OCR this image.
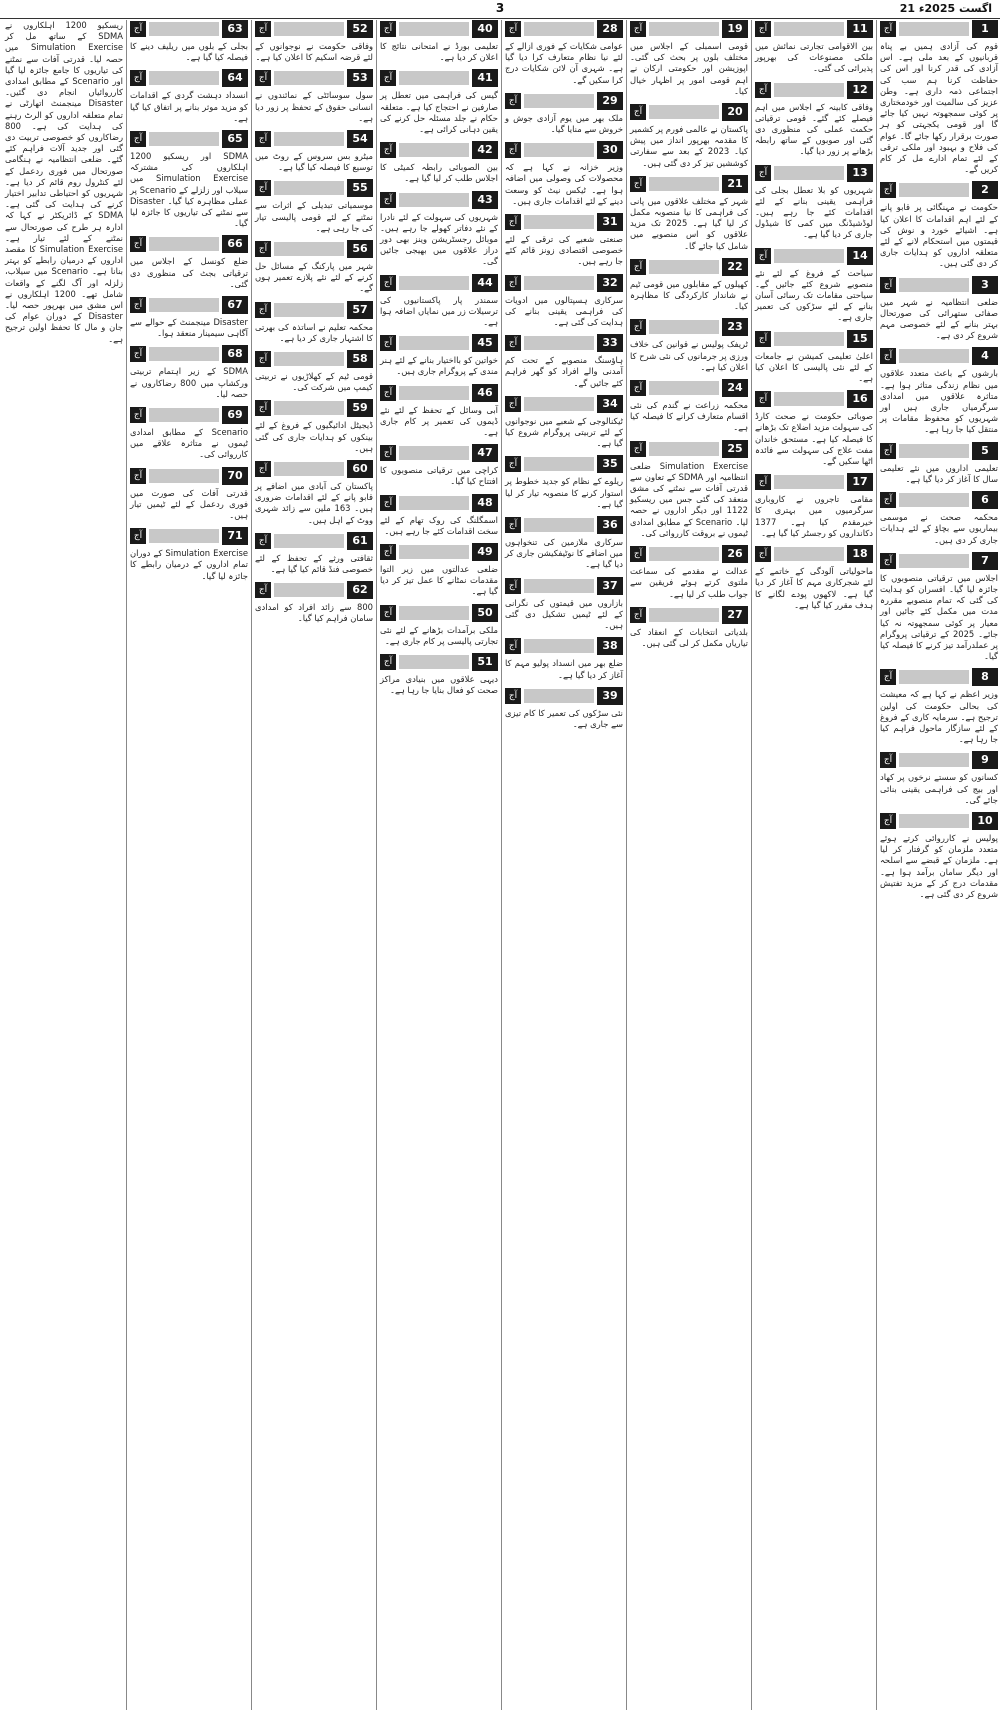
3	21 اگست 2025ء
1
آج

قوم کی آزادی ہمیں بے پناہ قربانیوں کے بعد ملی ہے۔ اس آزادی کی قدر کرنا اور اس کی حفاظت کرنا ہم سب کی اجتماعی ذمہ داری ہے۔ وطن عزیز کی سالمیت اور خودمختاری پر کوئی سمجھوتہ نہیں کیا جائے گا اور قومی یکجہتی کو ہر صورت برقرار رکھا جائے گا۔ عوام کی فلاح و بہبود اور ملکی ترقی کے لئے تمام ادارے مل کر کام کریں گے۔

2
آج

حکومت نے مہنگائی پر قابو پانے کے لئے اہم اقدامات کا اعلان کیا ہے۔ اشیائے خورد و نوش کی قیمتوں میں استحکام لانے کے لئے متعلقہ اداروں کو ہدایات جاری کر دی گئی ہیں۔

3
آج

ضلعی انتظامیہ نے شہر میں صفائی ستھرائی کی صورتحال بہتر بنانے کے لئے خصوصی مہم شروع کر دی ہے۔

4
آج

بارشوں کے باعث متعدد علاقوں میں نظام زندگی متاثر ہوا ہے۔ متاثرہ علاقوں میں امدادی سرگرمیاں جاری ہیں اور شہریوں کو محفوظ مقامات پر منتقل کیا جا رہا ہے۔

5
آج

تعلیمی اداروں میں نئے تعلیمی سال کا آغاز کر دیا گیا ہے۔

6
آج

محکمہ صحت نے موسمی بیماریوں سے بچاؤ کے لئے ہدایات جاری کر دی ہیں۔

7
آج

اجلاس میں ترقیاتی منصوبوں کا جائزہ لیا گیا۔ افسران کو ہدایت کی گئی کہ تمام منصوبے مقررہ مدت میں مکمل کئے جائیں اور معیار پر کوئی سمجھوتہ نہ کیا جائے۔ 2025 کے ترقیاتی پروگرام پر عملدرآمد تیز کرنے کا فیصلہ کیا گیا۔

8
آج

وزیر اعظم نے کہا ہے کہ معیشت کی بحالی حکومت کی اولین ترجیح ہے۔ سرمایہ کاری کے فروغ کے لئے سازگار ماحول فراہم کیا جا رہا ہے۔

9
آج

کسانوں کو سستے نرخوں پر کھاد اور بیج کی فراہمی یقینی بنائی جائے گی۔

10
آج

پولیس نے کارروائی کرتے ہوئے متعدد ملزمان کو گرفتار کر لیا ہے۔ ملزمان کے قبضے سے اسلحہ اور دیگر سامان برآمد ہوا ہے۔ مقدمات درج کر کے مزید تفتیش شروع کر دی گئی ہے۔

11
آج

بین الاقوامی تجارتی نمائش میں ملکی مصنوعات کی بھرپور پذیرائی کی گئی۔

12
آج

وفاقی کابینہ کے اجلاس میں اہم فیصلے کئے گئے۔ قومی ترقیاتی حکمت عملی کی منظوری دی گئی اور صوبوں کے ساتھ رابطہ بڑھانے پر زور دیا گیا۔

13
آج

شہریوں کو بلا تعطل بجلی کی فراہمی یقینی بنانے کے لئے اقدامات کئے جا رہے ہیں۔ لوڈشیڈنگ میں کمی کا شیڈول جاری کر دیا گیا ہے۔

14
آج

سیاحت کے فروغ کے لئے نئے منصوبے شروع کئے جائیں گے۔ سیاحتی مقامات تک رسائی آسان بنانے کے لئے سڑکوں کی تعمیر جاری ہے۔

15
آج

اعلیٰ تعلیمی کمیشن نے جامعات کے لئے نئی پالیسی کا اعلان کیا ہے۔

16
آج

صوبائی حکومت نے صحت کارڈ کی سہولت مزید اضلاع تک بڑھانے کا فیصلہ کیا ہے۔ مستحق خاندان مفت علاج کی سہولت سے فائدہ اٹھا سکیں گے۔

17
آج

مقامی تاجروں نے کاروباری سرگرمیوں میں بہتری کا خیرمقدم کیا ہے۔ 1377 دکانداروں کو رجسٹر کیا گیا ہے۔

18
آج

ماحولیاتی آلودگی کے خاتمے کے لئے شجرکاری مہم کا آغاز کر دیا گیا ہے۔ لاکھوں پودے لگانے کا ہدف مقرر کیا گیا ہے۔

19
آج

قومی اسمبلی کے اجلاس میں مختلف بلوں پر بحث کی گئی۔ اپوزیشن اور حکومتی ارکان نے اہم قومی امور پر اظہار خیال کیا۔

20
آج

پاکستان نے عالمی فورم پر کشمیر کا مقدمہ بھرپور انداز میں پیش کیا۔ 2023 کے بعد سے سفارتی کوششیں تیز کر دی گئی ہیں۔

21
آج

شہر کے مختلف علاقوں میں پانی کی فراہمی کا نیا منصوبہ مکمل کر لیا گیا ہے۔ 2025 تک مزید علاقوں کو اس منصوبے میں شامل کیا جائے گا۔

22
آج

کھیلوں کے مقابلوں میں قومی ٹیم نے شاندار کارکردگی کا مظاہرہ کیا۔

23
آج

ٹریفک پولیس نے قوانین کی خلاف ورزی پر جرمانوں کی نئی شرح کا اعلان کیا ہے۔

24
آج

محکمہ زراعت نے گندم کی نئی اقسام متعارف کرانے کا فیصلہ کیا ہے۔

25
آج

Simulation Exercise ضلعی انتظامیہ اور SDMA کے تعاون سے قدرتی آفات سے نمٹنے کی مشق منعقد کی گئی جس میں ریسکیو 1122 اور دیگر اداروں نے حصہ لیا۔ Scenario کے مطابق امدادی ٹیموں نے بروقت کارروائی کی۔

26
آج

عدالت نے مقدمے کی سماعت ملتوی کرتے ہوئے فریقین سے جواب طلب کر لیا ہے۔

27
آج

بلدیاتی انتخابات کے انعقاد کی تیاریاں مکمل کر لی گئی ہیں۔

28
آج

عوامی شکایات کے فوری ازالے کے لئے نیا نظام متعارف کرا دیا گیا ہے۔ شہری آن لائن شکایات درج کرا سکیں گے۔

29
آج

ملک بھر میں یوم آزادی جوش و خروش سے منایا گیا۔

30
آج

وزیر خزانہ نے کہا ہے کہ محصولات کی وصولی میں اضافہ ہوا ہے۔ ٹیکس نیٹ کو وسعت دینے کے لئے اقدامات جاری ہیں۔

31
آج

صنعتی شعبے کی ترقی کے لئے خصوصی اقتصادی زونز قائم کئے جا رہے ہیں۔

32
آج

سرکاری ہسپتالوں میں ادویات کی فراہمی یقینی بنانے کی ہدایت کی گئی ہے۔

33
آج

ہاؤسنگ منصوبے کے تحت کم آمدنی والے افراد کو گھر فراہم کئے جائیں گے۔

34
آج

ٹیکنالوجی کے شعبے میں نوجوانوں کے لئے تربیتی پروگرام شروع کیا گیا ہے۔

35
آج

ریلوے کے نظام کو جدید خطوط پر استوار کرنے کا منصوبہ تیار کر لیا گیا ہے۔

36
آج

سرکاری ملازمین کی تنخواہوں میں اضافے کا نوٹیفکیشن جاری کر دیا گیا ہے۔

37
آج

بازاروں میں قیمتوں کی نگرانی کے لئے ٹیمیں تشکیل دی گئی ہیں۔

38
آج

ضلع بھر میں انسداد پولیو مہم کا آغاز کر دیا گیا ہے۔

39
آج

نئی سڑکوں کی تعمیر کا کام تیزی سے جاری ہے۔

40
آج

تعلیمی بورڈ نے امتحانی نتائج کا اعلان کر دیا ہے۔

41
آج

گیس کی فراہمی میں تعطل پر صارفین نے احتجاج کیا ہے۔ متعلقہ حکام نے جلد مسئلہ حل کرنے کی یقین دہانی کرائی ہے۔

42
آج

بین الصوبائی رابطہ کمیٹی کا اجلاس طلب کر لیا گیا ہے۔

43
آج

شہریوں کی سہولت کے لئے نادرا کے نئے دفاتر کھولے جا رہے ہیں۔ موبائل رجسٹریشن وینز بھی دور دراز علاقوں میں بھیجی جائیں گی۔

44
آج

سمندر پار پاکستانیوں کی ترسیلات زر میں نمایاں اضافہ ہوا ہے۔

45
آج

خواتین کو بااختیار بنانے کے لئے ہنر مندی کے پروگرام جاری ہیں۔

46
آج

آبی وسائل کے تحفظ کے لئے نئے ڈیموں کی تعمیر پر کام جاری ہے۔

47
آج

کراچی میں ترقیاتی منصوبوں کا افتتاح کیا گیا۔

48
آج

اسمگلنگ کی روک تھام کے لئے سخت اقدامات کئے جا رہے ہیں۔

49
آج

ضلعی عدالتوں میں زیر التوا مقدمات نمٹانے کا عمل تیز کر دیا گیا ہے۔

50
آج

ملکی برآمدات بڑھانے کے لئے نئی تجارتی پالیسی پر کام جاری ہے۔

51
آج

دیہی علاقوں میں بنیادی مراکز صحت کو فعال بنایا جا رہا ہے۔

52
آج

وفاقی حکومت نے نوجوانوں کے لئے قرضہ اسکیم کا اعلان کیا ہے۔

53
آج

سول سوسائٹی کے نمائندوں نے انسانی حقوق کے تحفظ پر زور دیا ہے۔

54
آج

میٹرو بس سروس کے روٹ میں توسیع کا فیصلہ کیا گیا ہے۔

55
آج

موسمیاتی تبدیلی کے اثرات سے نمٹنے کے لئے قومی پالیسی تیار کی جا رہی ہے۔

56
آج

شہر میں پارکنگ کے مسائل حل کرنے کے لئے نئے پلازے تعمیر ہوں گے۔

57
آج

محکمہ تعلیم نے اساتذہ کی بھرتی کا اشتہار جاری کر دیا ہے۔

58
آج

قومی ٹیم کے کھلاڑیوں نے تربیتی کیمپ میں شرکت کی۔

59
آج

ڈیجیٹل ادائیگیوں کے فروغ کے لئے بینکوں کو ہدایات جاری کی گئی ہیں۔

60
آج

پاکستان کی آبادی میں اضافے پر قابو پانے کے لئے اقدامات ضروری ہیں۔ 163 ملین سے زائد شہری ووٹ کے اہل ہیں۔

61
آج

ثقافتی ورثے کے تحفظ کے لئے خصوصی فنڈ قائم کیا گیا ہے۔

62
آج

800 سے زائد افراد کو امدادی سامان فراہم کیا گیا۔

63
آج

بجلی کے بلوں میں ریلیف دینے کا فیصلہ کیا گیا ہے۔

64
آج

انسداد دہشت گردی کے اقدامات کو مزید موثر بنانے پر اتفاق کیا گیا ہے۔

65
آج

SDMA اور ریسکیو 1200 اہلکاروں کی مشترکہ Simulation Exercise میں سیلاب اور زلزلے کے Scenario پر عملی مظاہرہ کیا گیا۔ Disaster سے نمٹنے کی تیاریوں کا جائزہ لیا گیا۔

66
آج

ضلع کونسل کے اجلاس میں ترقیاتی بجٹ کی منظوری دی گئی۔

67
آج

Disaster مینجمنٹ کے حوالے سے آگاہی سیمینار منعقد ہوا۔

68
آج

SDMA کے زیر اہتمام تربیتی ورکشاپ میں 800 رضاکاروں نے حصہ لیا۔

69
آج

Scenario کے مطابق امدادی ٹیموں نے متاثرہ علاقے میں کارروائی کی۔

70
آج

قدرتی آفات کی صورت میں فوری ردعمل کے لئے ٹیمیں تیار ہیں۔

71
آج

Simulation Exercise کے دوران تمام اداروں کے درمیان رابطے کا جائزہ لیا گیا۔

ریسکیو 1200 اہلکاروں نے SDMA کے ساتھ مل کر Simulation Exercise میں حصہ لیا۔ قدرتی آفات سے نمٹنے کی تیاریوں کا جامع جائزہ لیا گیا اور Scenario کے مطابق امدادی کارروائیاں انجام دی گئیں۔ Disaster مینجمنٹ اتھارٹی نے تمام متعلقہ اداروں کو الرٹ رہنے کی ہدایت کی ہے۔ 800 رضاکاروں کو خصوصی تربیت دی گئی اور جدید آلات فراہم کئے گئے۔ ضلعی انتظامیہ نے ہنگامی صورتحال میں فوری ردعمل کے لئے کنٹرول روم قائم کر دیا ہے۔ شہریوں کو احتیاطی تدابیر اختیار کرنے کی ہدایت کی گئی ہے۔ SDMA کے ڈائریکٹر نے کہا کہ ادارہ ہر طرح کی صورتحال سے نمٹنے کے لئے تیار ہے۔ Simulation Exercise کا مقصد اداروں کے درمیان رابطے کو بہتر بنانا ہے۔ Scenario میں سیلاب، زلزلہ اور آگ لگنے کے واقعات شامل تھے۔ 1200 اہلکاروں نے اس مشق میں بھرپور حصہ لیا۔ Disaster کے دوران عوام کی جان و مال کا تحفظ اولین ترجیح ہے۔
